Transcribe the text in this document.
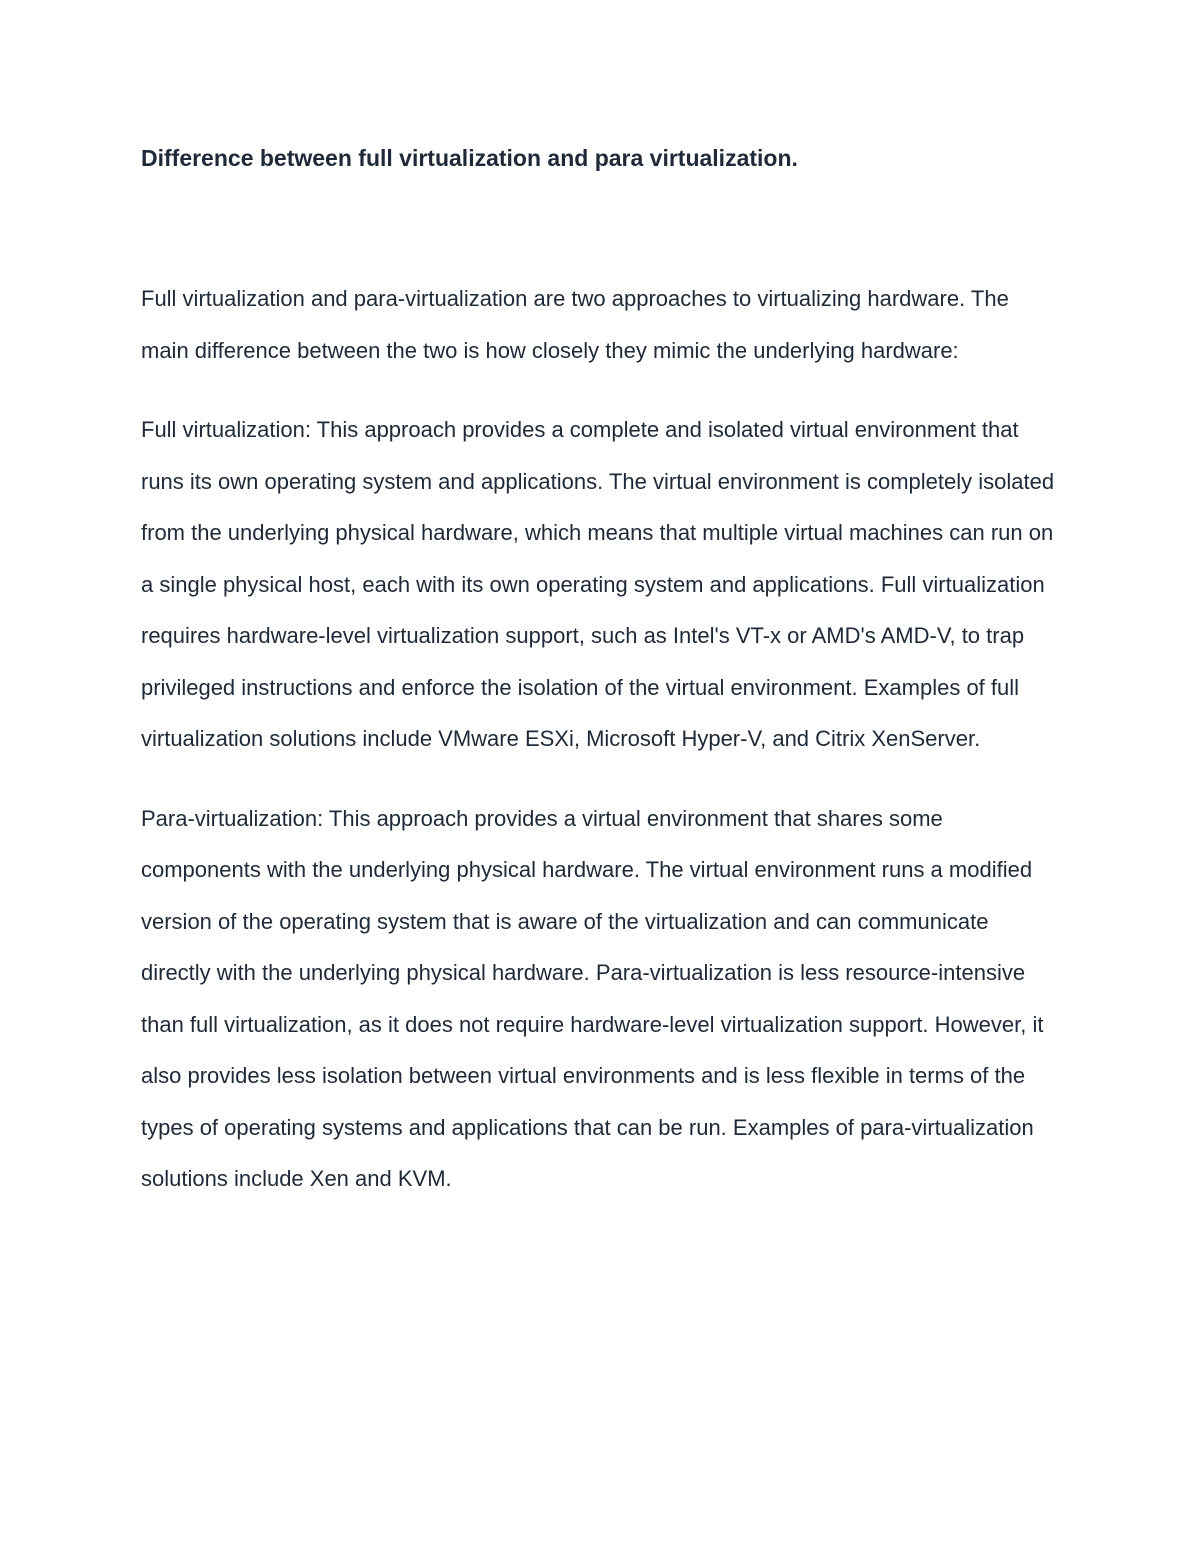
Difference between full virtualization and para virtualization.

Full virtualization and para-virtualization are two approaches to virtualizing hardware. The main difference between the two is how closely they mimic the underlying hardware:

Full virtualization: This approach provides a complete and isolated virtual environment that runs its own operating system and applications. The virtual environment is completely isolated from the underlying physical hardware, which means that multiple virtual machines can run on a single physical host, each with its own operating system and applications. Full virtualization requires hardware-level virtualization support, such as Intel's VT-x or AMD's AMD-V, to trap privileged instructions and enforce the isolation of the virtual environment. Examples of full virtualization solutions include VMware ESXi, Microsoft Hyper-V, and Citrix XenServer.

Para-virtualization: This approach provides a virtual environment that shares some components with the underlying physical hardware. The virtual environment runs a modified version of the operating system that is aware of the virtualization and can communicate directly with the underlying physical hardware. Para-virtualization is less resource-intensive than full virtualization, as it does not require hardware-level virtualization support. However, it also provides less isolation between virtual environments and is less flexible in terms of the types of operating systems and applications that can be run. Examples of para-virtualization solutions include Xen and KVM.
